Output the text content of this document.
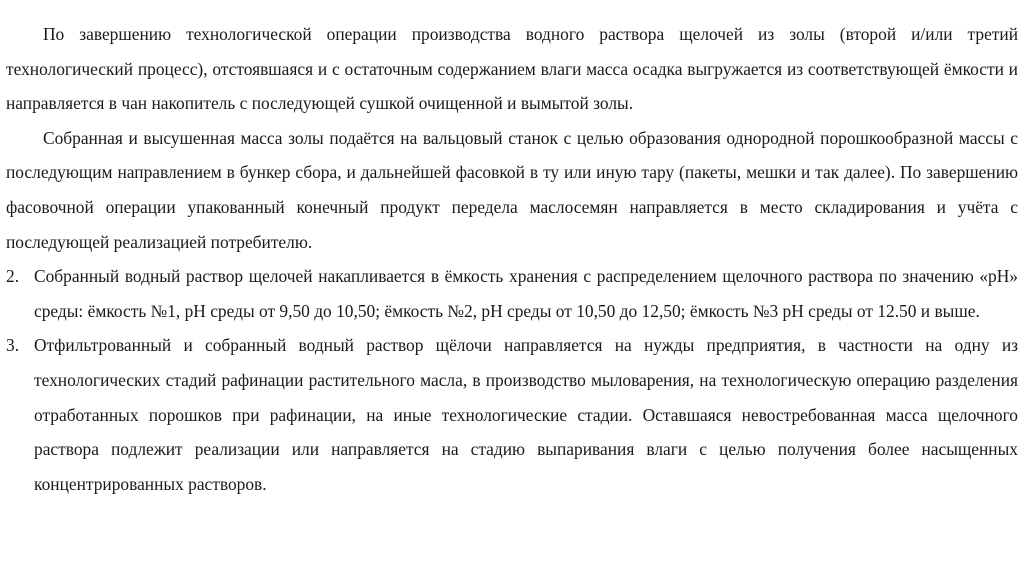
По завершению технологической операции производства водного раствора щелочей из золы (второй и/или третий технологический процесс), отстоявшаяся и с остаточным содержанием влаги масса осадка выгружается из соответствующей ёмкости и направляется в чан накопитель с последующей сушкой очищенной и вымытой золы.

Собранная и высушенная масса золы подаётся на вальцовый станок с целью образования однородной порошкообразной массы с последующим направлением в бункер сбора, и дальнейшей фасовкой в ту или иную тару (пакеты, мешки и так далее). По завершению фасовочной операции упакованный конечный продукт передела маслосемян направляется в место складирования и учёта с последующей реализацией потребителю.

2. Собранный водный раствор щелочей накапливается в ёмкость хранения с распределением щелочного раствора по значению «pH» среды: ёмкость №1, pH среды от 9,50 до 10,50; ёмкость №2, pH среды от 10,50 до 12,50; ёмкость №3 pH среды от 12.50 и выше.
3. Отфильтрованный и собранный водный раствор щёлочи направляется на нужды предприятия, в частности на одну из технологических стадий рафинации растительного масла, в производство мыловарения, на технологическую операцию разделения отработанных порошков при рафинации, на иные технологические стадии. Оставшаяся невостребованная масса щелочного раствора подлежит реализации или направляется на стадию выпаривания влаги с целью получения более насыщенных концентрированных растворов.
